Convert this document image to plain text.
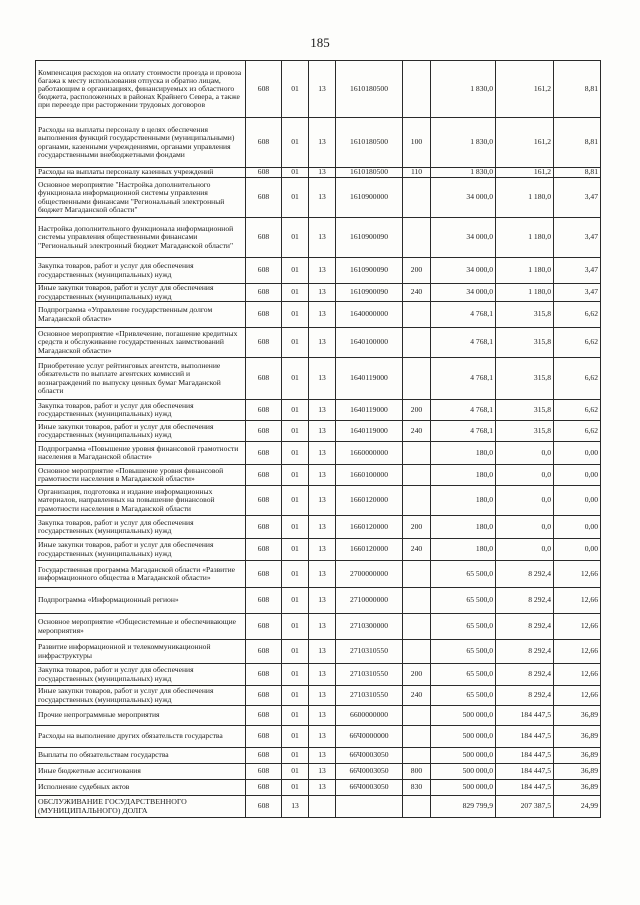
185
Компенсация расходов на оплату стоимости проезда и провоза багажа к месту использования отпуска и обратно лицам, работающим в организациях, финансируемых из областного бюджета, расположенных в районах Крайнего Севера, а также при переезде при расторжении трудовых договоров	608	01	13	1610180500		1 830,0	161,2	8,81
Расходы на выплаты персоналу в целях обеспечения выполнения функций государственными (муниципальными) органами, казенными учреждениями, органами управления государственными внебюджетными фондами	608	01	13	1610180500	100	1 830,0	161,2	8,81
Расходы на выплаты персоналу казенных учреждений	608	01	13	1610180500	110	1 830,0	161,2	8,81
Основное мероприятие "Настройка дополнительного функционала информационной системы управления общественными финансами "Региональный электронный бюджет Магаданской области"	608	01	13	1610900000		34 000,0	1 180,0	3,47
Настройка дополнительного функционала информационной системы управления общественными финансами "Региональный электронный бюджет Магаданской области"	608	01	13	1610900090		34 000,0	1 180,0	3,47
Закупка товаров, работ и услуг для обеспечения государственных (муниципальных) нужд	608	01	13	1610900090	200	34 000,0	1 180,0	3,47
Иные закупки товаров, работ и услуг для обеспечения государственных (муниципальных) нужд	608	01	13	1610900090	240	34 000,0	1 180,0	3,47
Подпрограмма «Управление государственным долгом Магаданской области»	608	01	13	1640000000		4 768,1	315,8	6,62
Основное мероприятие «Привлечение, погашение кредитных средств и обслуживание государственных заимствований Магаданской области»	608	01	13	1640100000		4 768,1	315,8	6,62
Приобретение услуг рейтинговых агентств, выполнение обязательств по выплате агентских комиссий и вознаграждений по выпуску ценных бумаг Магаданской области	608	01	13	1640119000		4 768,1	315,8	6,62
Закупка товаров, работ и услуг для обеспечения государственных (муниципальных) нужд	608	01	13	1640119000	200	4 768,1	315,8	6,62
Иные закупки товаров, работ и услуг для обеспечения государственных (муниципальных) нужд	608	01	13	1640119000	240	4 768,1	315,8	6,62
Подпрограмма «Повышение уровня финансовой грамотности населения в Магаданской области»	608	01	13	1660000000		180,0	0,0	0,00
Основное мероприятие «Повышение уровня финансовой грамотности населения в Магаданской области»	608	01	13	1660100000		180,0	0,0	0,00
Организация, подготовка и издание информационных материалов, направленных на повышение финансовой грамотности населения в Магаданской области	608	01	13	1660120000		180,0	0,0	0,00
Закупка товаров, работ и услуг для обеспечения государственных (муниципальных) нужд	608	01	13	1660120000	200	180,0	0,0	0,00
Иные закупки товаров, работ и услуг для обеспечения государственных (муниципальных) нужд	608	01	13	1660120000	240	180,0	0,0	0,00
Государственная программа Магаданской области «Развитие информационного общества в Магаданской области»	608	01	13	2700000000		65 500,0	8 292,4	12,66
Подпрограмма «Информационный регион»	608	01	13	2710000000		65 500,0	8 292,4	12,66
Основное мероприятие «Общесистемные и обеспечивающие мероприятия»	608	01	13	2710300000		65 500,0	8 292,4	12,66
Развитие информационной и телекоммуникационной инфраструктуры	608	01	13	2710310550		65 500,0	8 292,4	12,66
Закупка товаров, работ и услуг для обеспечения государственных (муниципальных) нужд	608	01	13	2710310550	200	65 500,0	8 292,4	12,66
Иные закупки товаров, работ и услуг для обеспечения государственных (муниципальных) нужд	608	01	13	2710310550	240	65 500,0	8 292,4	12,66
Прочие непрограммные мероприятия	608	01	13	6600000000		500 000,0	184 447,5	36,89
Расходы на выполнение других обязательств государства	608	01	13	66Ч0000000		500 000,0	184 447,5	36,89
Выплаты по обязательствам государства	608	01	13	66Ч0003050		500 000,0	184 447,5	36,89
Иные бюджетные ассигнования	608	01	13	66Ч0003050	800	500 000,0	184 447,5	36,89
Исполнение судебных актов	608	01	13	66Ч0003050	830	500 000,0	184 447,5	36,89
ОБСЛУЖИВАНИЕ ГОСУДАРСТВЕННОГО (МУНИЦИПАЛЬНОГО) ДОЛГА	608	13				829 799,9	207 387,5	24,99
